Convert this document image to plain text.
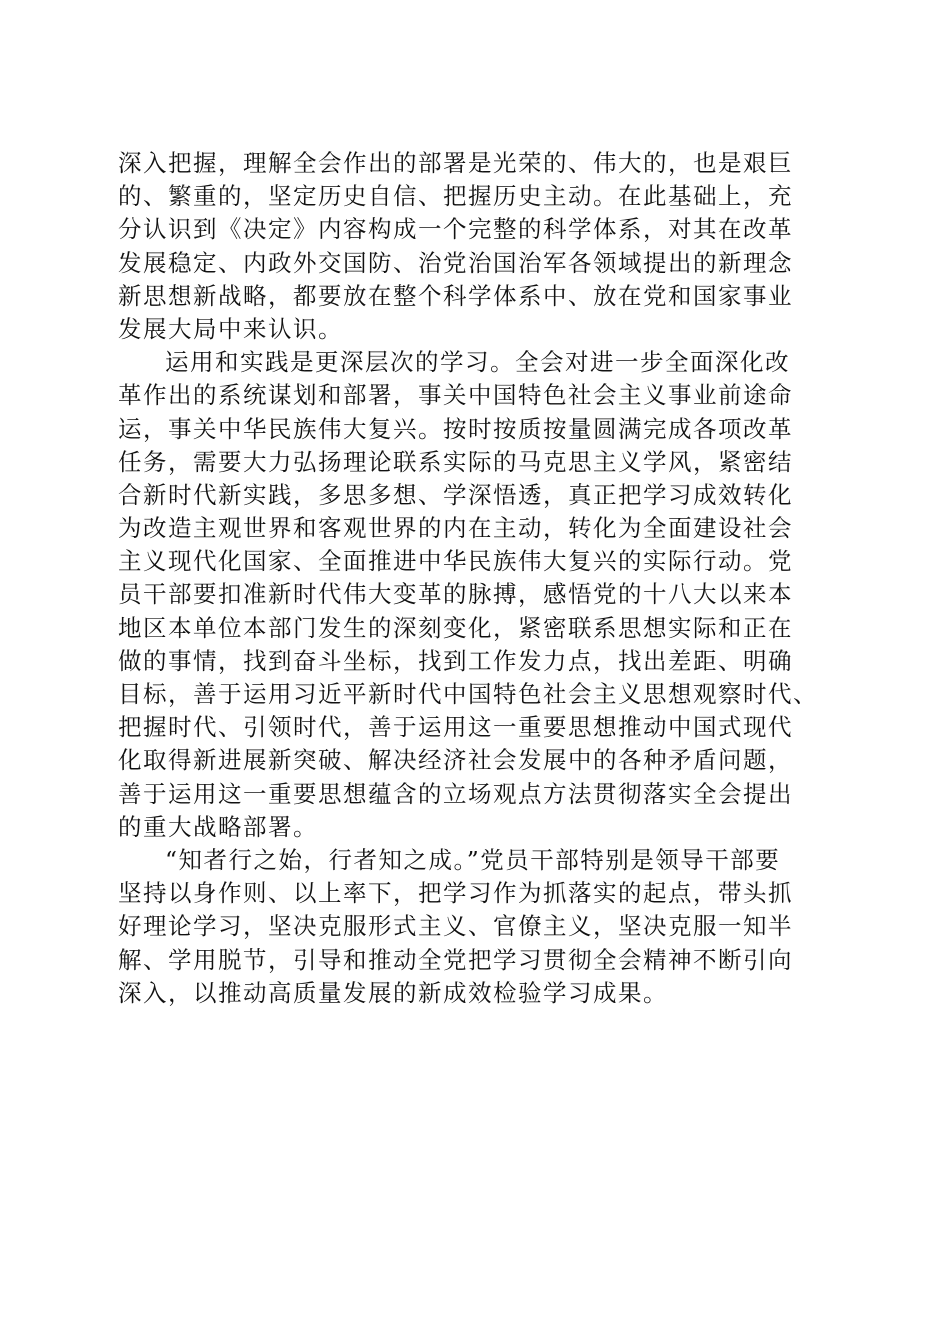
深入把握，理解全会作出的部署是光荣的、伟大的，也是艰巨
的、繁重的，坚定历史自信、把握历史主动。在此基础上，充
分认识到《决定》内容构成一个完整的科学体系，对其在改革
发展稳定、内政外交国防、治党治国治军各领域提出的新理念
新思想新战略，都要放在整个科学体系中、放在党和国家事业
发展大局中来认识。
运用和实践是更深层次的学习。全会对进一步全面深化改
革作出的系统谋划和部署，事关中国特色社会主义事业前途命
运，事关中华民族伟大复兴。按时按质按量圆满完成各项改革
任务，需要大力弘扬理论联系实际的马克思主义学风，紧密结
合新时代新实践，多思多想、学深悟透，真正把学习成效转化
为改造主观世界和客观世界的内在主动，转化为全面建设社会
主义现代化国家、全面推进中华民族伟大复兴的实际行动。党
员干部要扣准新时代伟大变革的脉搏，感悟党的十八大以来本
地区本单位本部门发生的深刻变化，紧密联系思想实际和正在
做的事情，找到奋斗坐标，找到工作发力点，找出差距、明确
目标，善于运用习近平新时代中国特色社会主义思想观察时代、
把握时代、引领时代，善于运用这一重要思想推动中国式现代
化取得新进展新突破、解决经济社会发展中的各种矛盾问题，
善于运用这一重要思想蕴含的立场观点方法贯彻落实全会提出
的重大战略部署。
“知者行之始，行者知之成。”党员干部特别是领导干部要
坚持以身作则、以上率下，把学习作为抓落实的起点，带头抓
好理论学习，坚决克服形式主义、官僚主义，坚决克服一知半
解、学用脱节，引导和推动全党把学习贯彻全会精神不断引向
深入，以推动高质量发展的新成效检验学习成果。
